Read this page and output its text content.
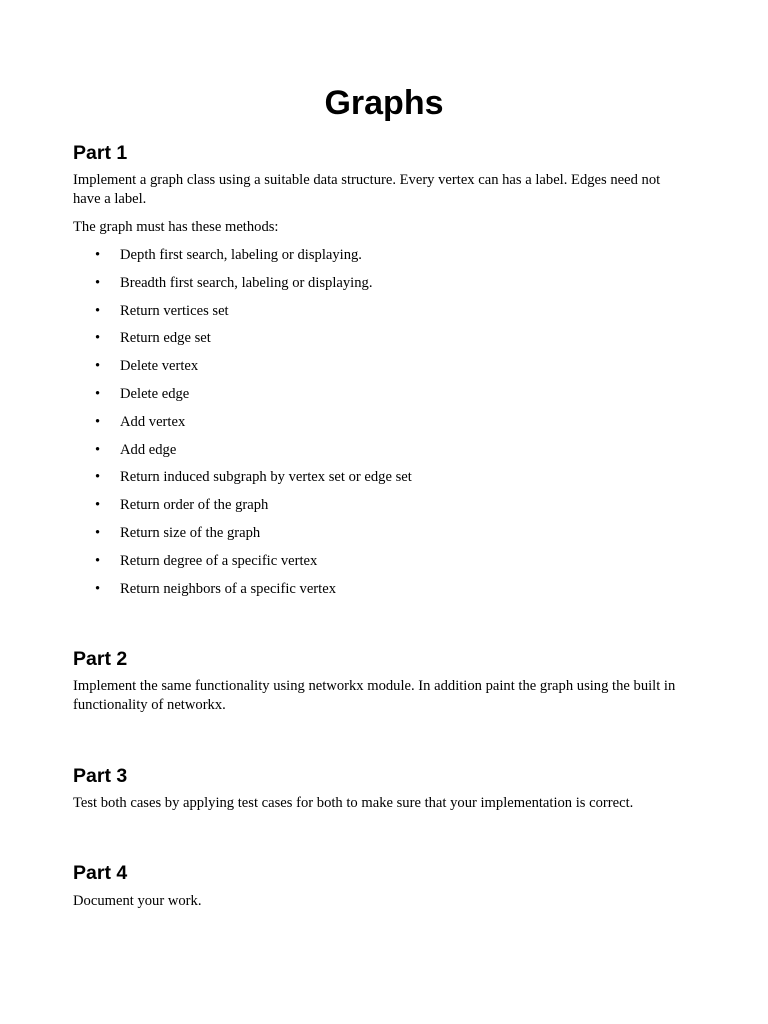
Graphs
Part 1

Implement a graph class using a suitable data structure. Every vertex can has a label. Edges need not have a label.

The graph must has these methods:

• Depth first search, labeling or displaying.
• Breadth first search, labeling or displaying.
• Return vertices set
• Return edge set
• Delete vertex
• Delete edge
• Add vertex
• Add edge
• Return induced subgraph by vertex set or edge set
• Return order of the graph
• Return size of the graph
• Return degree of a specific vertex
• Return neighbors of a specific vertex
Part 2

Implement the same functionality using networkx module. In addition paint the graph using the built in functionality of networkx.

Part 3

Test both cases by applying test cases for both to make sure that your implementation is correct.

Part 4

Document your work.
